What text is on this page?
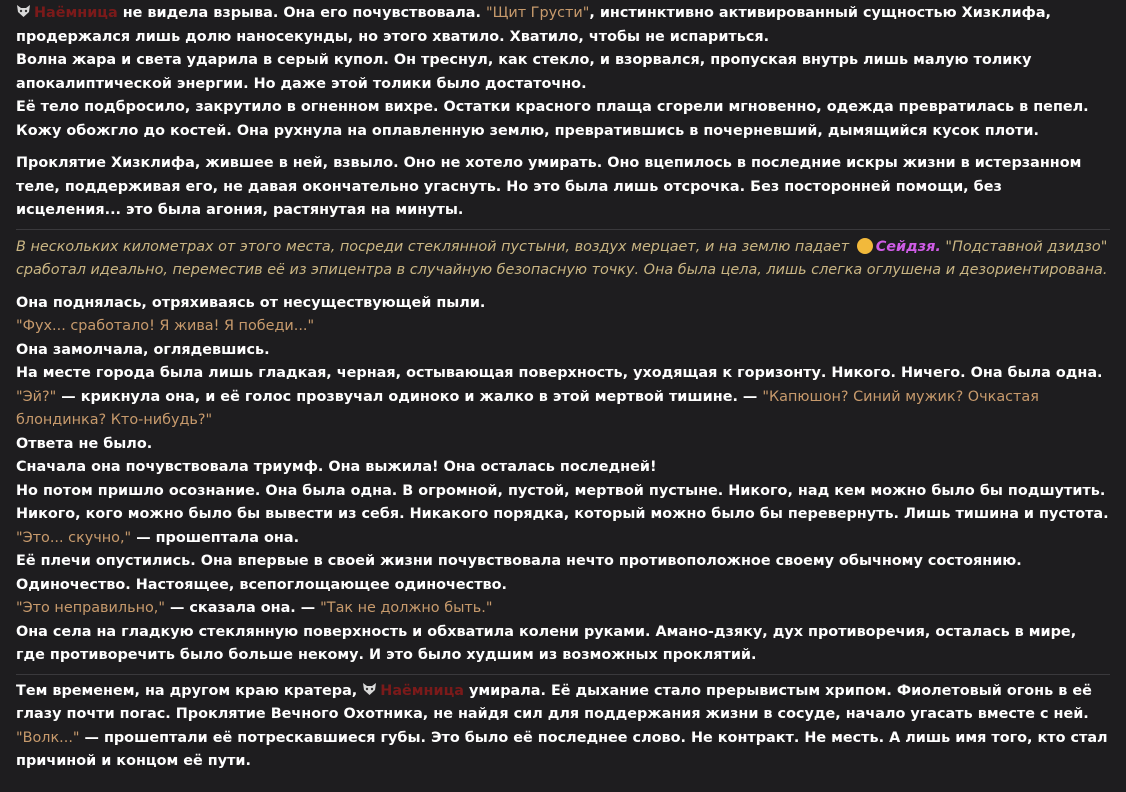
Наёмница не видела взрыва. Она его почувствовала. "Щит Грусти", инстинктивно активированный сущностью Хизклифа, продержался лишь долю наносекунды, но этого хватило. Хватило, чтобы не испариться.

Волна жара и света ударила в серый купол. Он треснул, как стекло, и взорвался, пропуская внутрь лишь малую толику апокалиптической энергии. Но даже этой толики было достаточно.

Её тело подбросило, закрутило в огненном вихре. Остатки красного плаща сгорели мгновенно, одежда превратилась в пепел. Кожу обожгло до костей. Она рухнула на оплавленную землю, превратившись в почерневший, дымящийся кусок плоти.

Проклятие Хизклифа, жившее в ней, взвыло. Оно не хотело умирать. Оно вцепилось в последние искры жизни в истерзанном теле, поддерживая его, не давая окончательно угаснуть. Но это была лишь отсрочка. Без посторонней помощи, без исцеления... это была агония, растянутая на минуты.

В нескольких километрах от этого места, посреди стеклянной пустыни, воздух мерцает, и на землю падает Сейдзя. "Подставной дзидзо" сработал идеально, переместив её из эпицентра в случайную безопасную точку. Она была цела, лишь слегка оглушена и дезориентирована.

Она поднялась, отряхиваясь от несуществующей пыли.

"Фух... сработало! Я жива! Я победи..."

Она замолчала, оглядевшись.

На месте города была лишь гладкая, черная, остывающая поверхность, уходящая к горизонту. Никого. Ничего. Она была одна.

"Эй?" — крикнула она, и её голос прозвучал одиноко и жалко в этой мертвой тишине. — "Капюшон? Синий мужик? Очкастая блондинка? Кто-нибудь?"

Ответа не было.

Сначала она почувствовала триумф. Она выжила! Она осталась последней!

Но потом пришло осознание. Она была одна. В огромной, пустой, мертвой пустыне. Никого, над кем можно было бы подшутить. Никого, кого можно было бы вывести из себя. Никакого порядка, который можно было бы перевернуть. Лишь тишина и пустота.

"Это... скучно," — прошептала она.

Её плечи опустились. Она впервые в своей жизни почувствовала нечто противоположное своему обычному состоянию. Одиночество. Настоящее, всепоглощающее одиночество.

"Это неправильно," — сказала она. — "Так не должно быть."

Она села на гладкую стеклянную поверхность и обхватила колени руками. Амано-дзяку, дух противоречия, осталась в мире, где противоречить было больше некому. И это было худшим из возможных проклятий.

Тем временем, на другом краю кратера, Наёмница умирала. Её дыхание стало прерывистым хрипом. Фиолетовый огонь в её глазу почти погас. Проклятие Вечного Охотника, не найдя сил для поддержания жизни в сосуде, начало угасать вместе с ней.

"Волк..." — прошептали её потрескавшиеся губы. Это было её последнее слово. Не контракт. Не месть. А лишь имя того, кто стал причиной и концом её пути.
